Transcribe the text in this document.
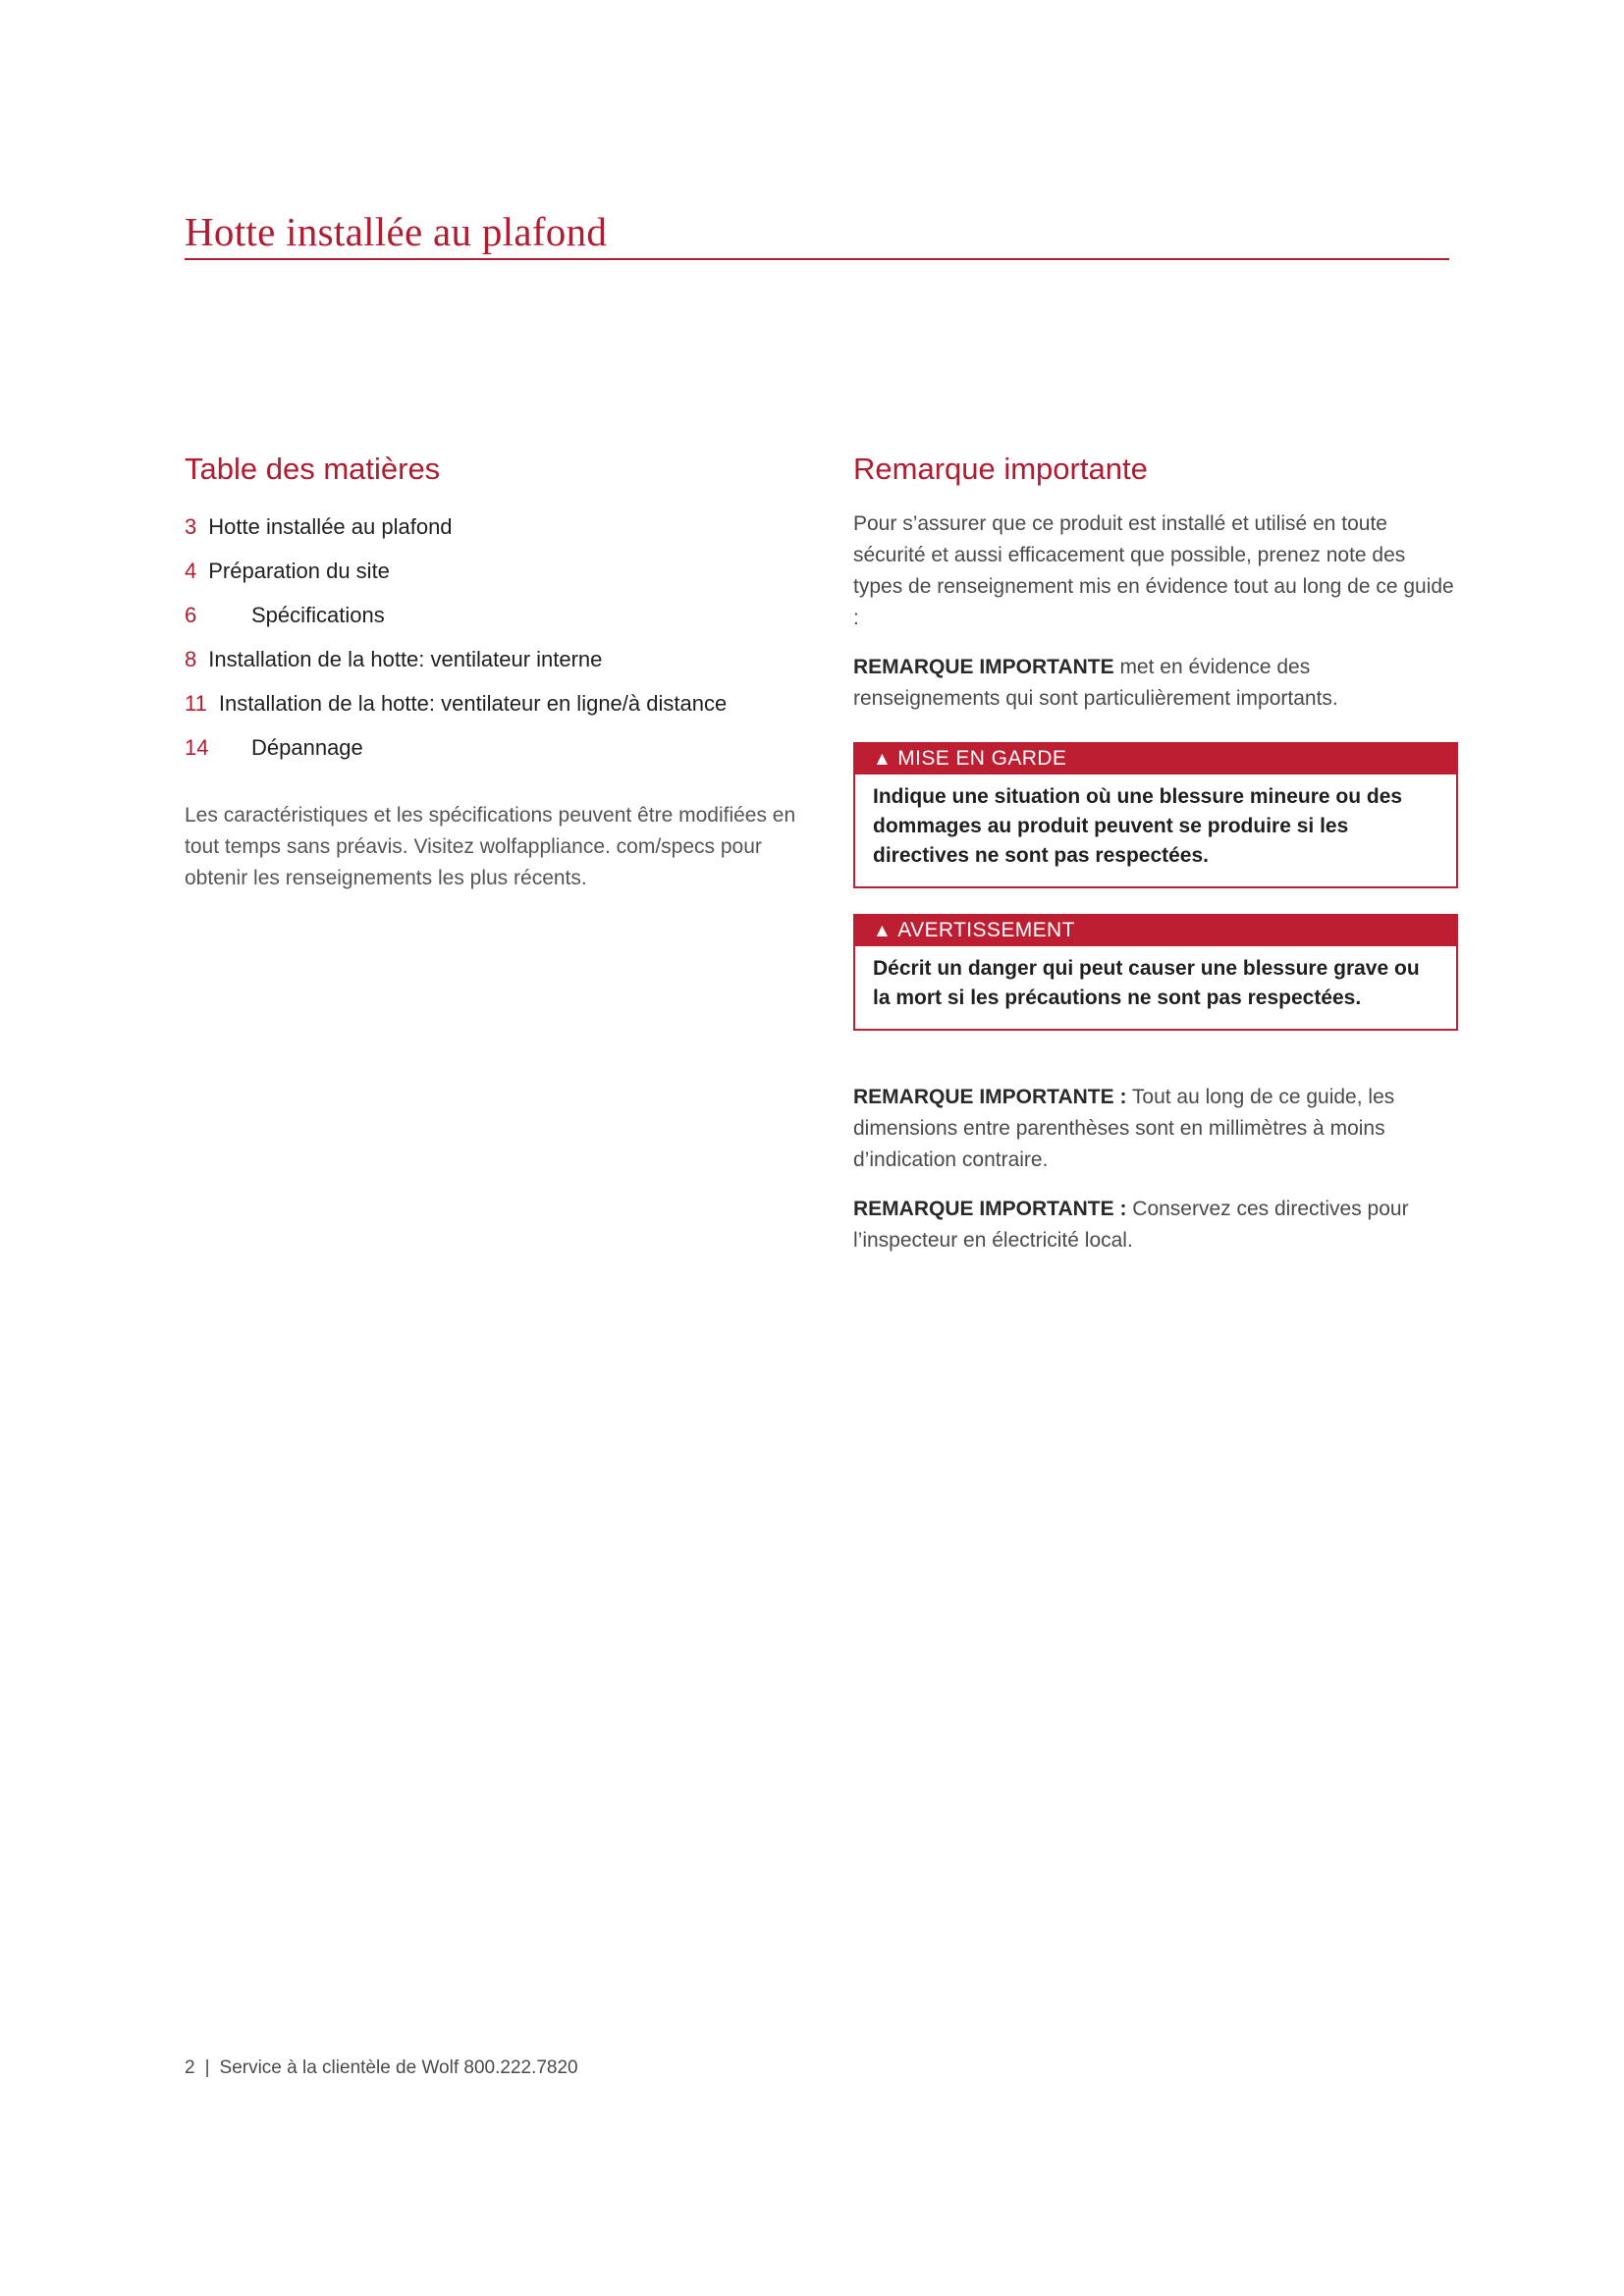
Hotte installée au plafond
Table des matières
3 Hotte installée au plafond
4 Préparation du site
6	Spécifications
8 Installation de la hotte: ventilateur interne
11 Installation de la hotte: ventilateur en ligne/à distance
14 Dépannage

Les caractéristiques et les spécifications peuvent être modifiées en tout temps sans préavis. Visitez wolfappliance. com/specs pour obtenir les renseignements les plus récents.

Remarque importante

Pour s’assurer que ce produit est installé et utilisé en toute sécurité et aussi efficacement que possible, prenez note des types de renseignement mis en évidence tout au long de ce guide :

REMARQUE IMPORTANTE met en évidence des renseignements qui sont particulièrement importants.

▲ MISE EN GARDE
Indique une situation où une blessure mineure ou des dommages au produit peuvent se produire si les directives ne sont pas respectées.
▲ AVERTISSEMENT
Décrit un danger qui peut causer une blessure grave ou la mort si les précautions ne sont pas respectées.

REMARQUE IMPORTANTE : Tout au long de ce guide, les dimensions entre parenthèses sont en millimètres à moins d’indication contraire.

REMARQUE IMPORTANTE : Conservez ces directives pour l’inspecteur en électricité local.

2 | Service à la clientèle de Wolf 800.222.7820
